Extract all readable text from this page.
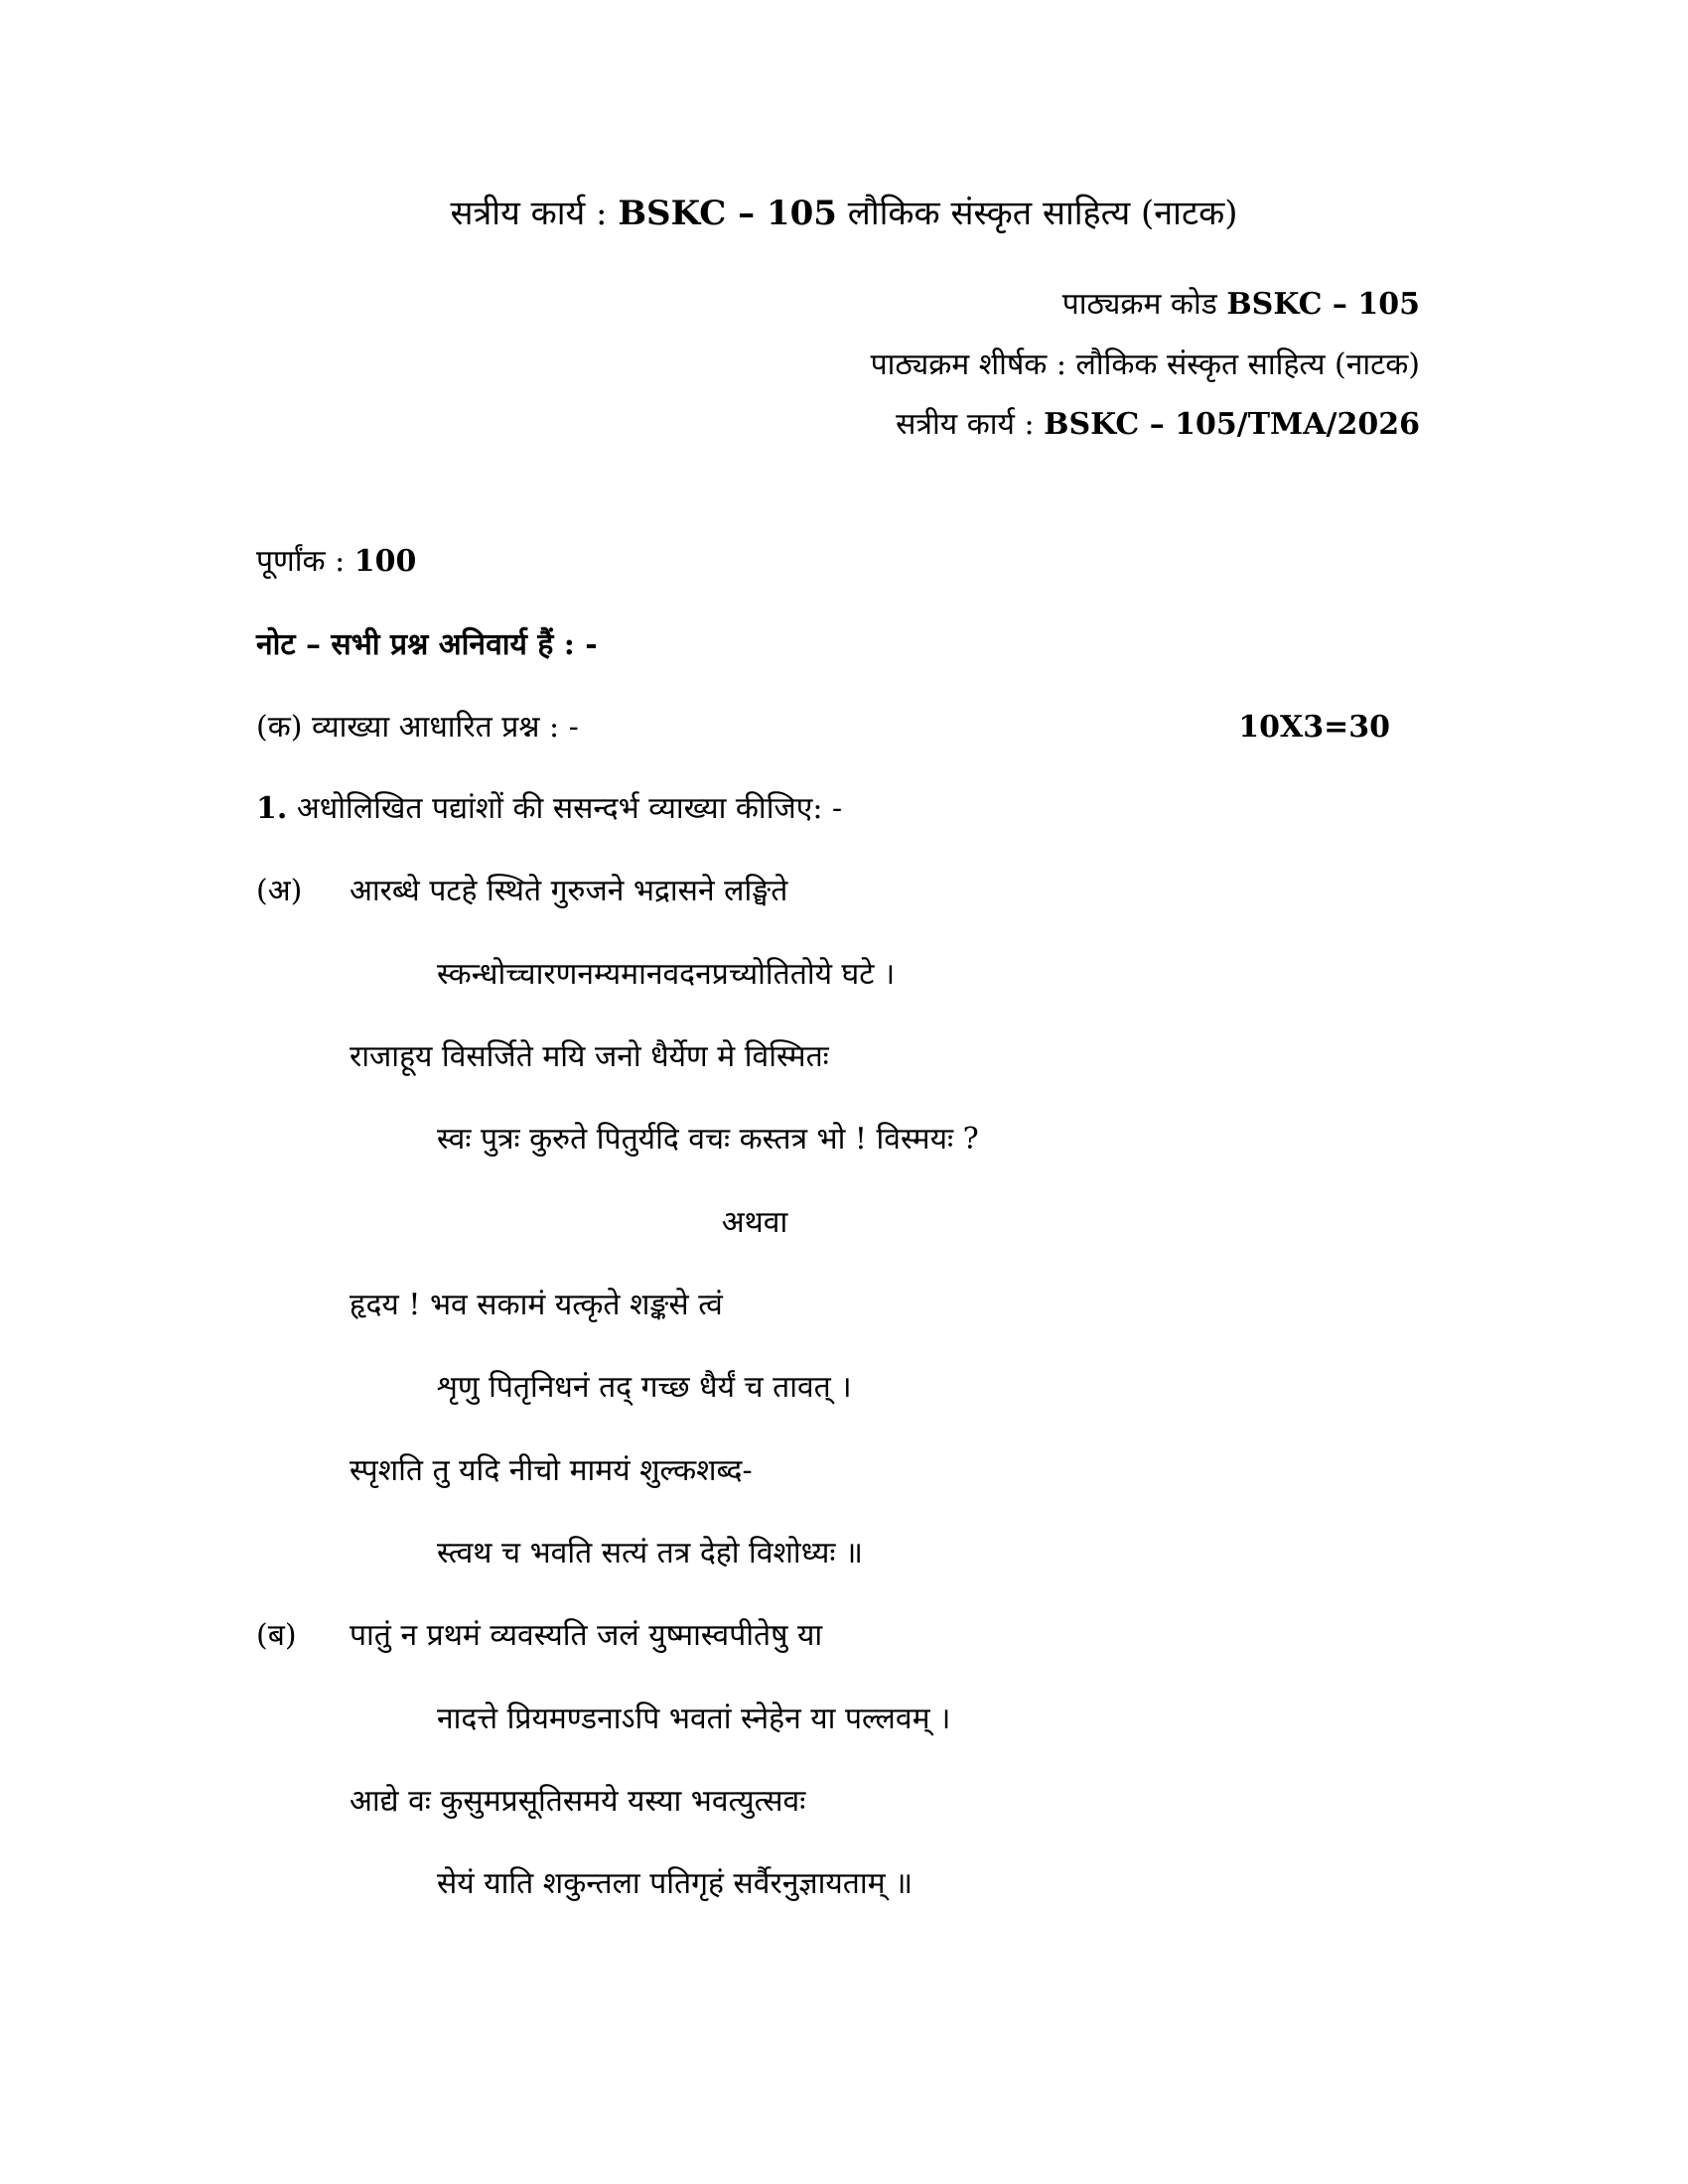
सत्रीय कार्य : BSKC – 105 लौकिक संस्कृत साहित्य (नाटक)
पाठ्यक्रम कोड BSKC – 105
पाठ्यक्रम शीर्षक : लौकिक संस्कृत साहित्य (नाटक)
सत्रीय कार्य : BSKC – 105/TMA/2026
पूर्णांक : 100
नोट – सभी प्रश्न अनिवार्य हैं : -
(क) व्याख्या आधारित प्रश्न : -	10X3=30
1. अधोलिखित पद्यांशों की ससन्दर्भ व्याख्या कीजिए: -
(अ) आरब्धे पटहे स्थिते गुरुजने भद्रासने लङ्घिते
स्कन्धोच्चारणनम्यमानवदनप्रच्योतितोये घटे ।
राजाहूय विसर्जिते मयि जनो धैर्येण मे विस्मितः
स्वः पुत्रः कुरुते पितुर्यदि वचः कस्तत्र भो ! विस्मयः ?
अथवा
हृदय ! भव सकामं यत्कृते शङ्कसे त्वं
शृणु पितृनिधनं तद् गच्छ धैर्यं च तावत् ।
स्पृशति तु यदि नीचो मामयं शुल्कशब्द-
स्त्वथ च भवति सत्यं तत्र देहो विशोध्यः ॥
(ब) पातुं न प्रथमं व्यवस्यति जलं युष्मास्वपीतेषु या
नादत्ते प्रियमण्डनाऽपि भवतां स्नेहेन या पल्लवम् ।
आद्ये वः कुसुमप्रसूतिसमये यस्या भवत्युत्सवः
सेयं याति शकुन्तला पतिगृहं सर्वैरनुज्ञायताम् ॥
